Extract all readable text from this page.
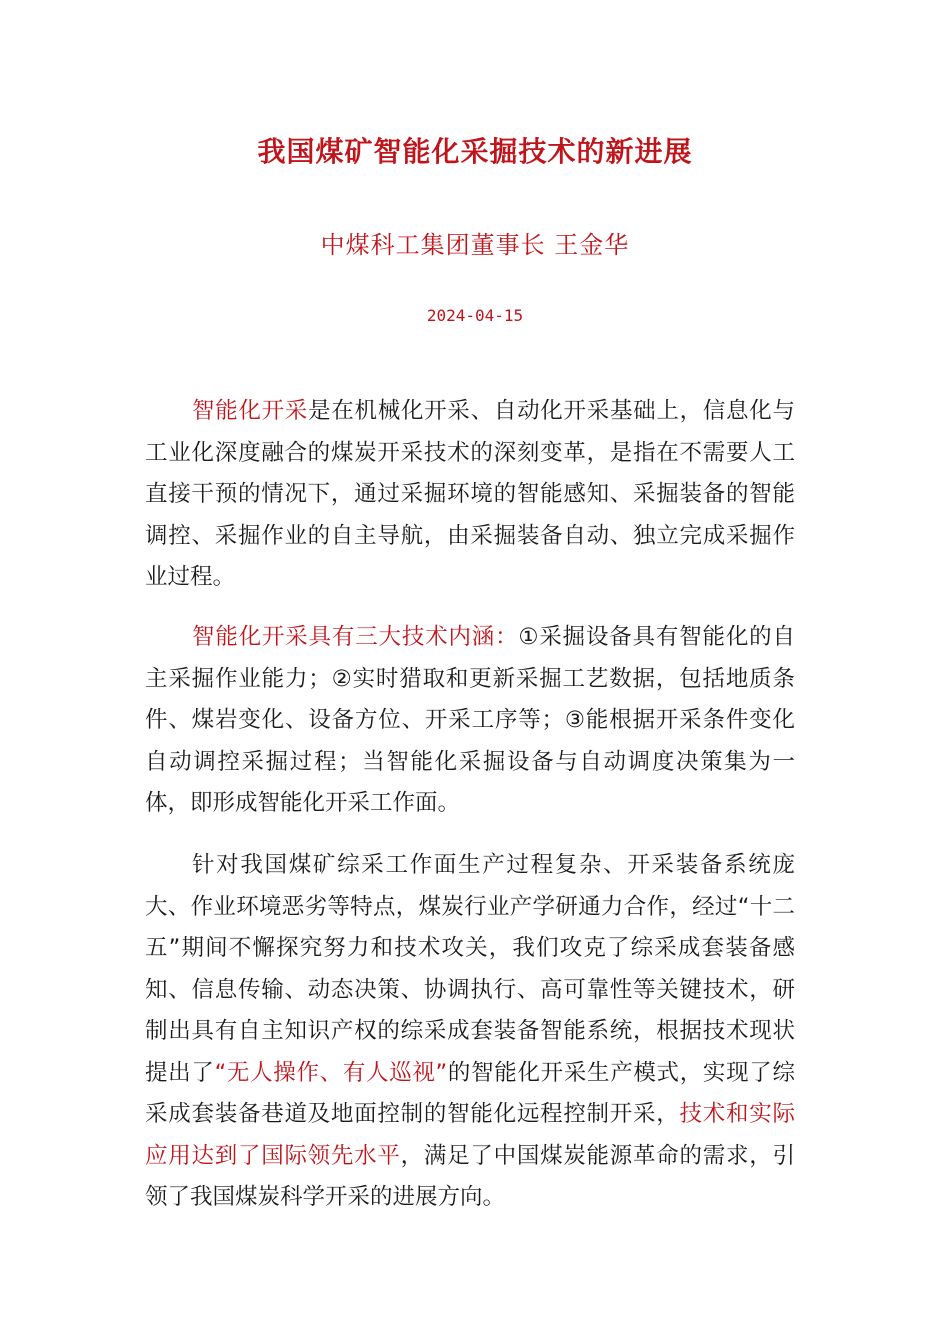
我国煤矿智能化采掘技术的新进展
中煤科工集团董事长 王金华
2024-04-15

智能化开采是在机械化开采、自动化开采基础上，信息化与工业化深度融合的煤炭开采技术的深刻变革，是指在不需要人工直接干预的情况下，通过采掘环境的智能感知、采掘装备的智能调控、采掘作业的自主导航，由采掘装备自动、独立完成采掘作业过程。

智能化开采具有三大技术内涵：①采掘设备具有智能化的自主采掘作业能力；②实时猎取和更新采掘工艺数据，包括地质条件、煤岩变化、设备方位、开采工序等；③能根据开采条件变化自动调控采掘过程；当智能化采掘设备与自动调度决策集为一体，即形成智能化开采工作面。

针对我国煤矿综采工作面生产过程复杂、开采装备系统庞大、作业环境恶劣等特点，煤炭行业产学研通力合作，经过“十二五”期间不懈探究努力和技术攻关，我们攻克了综采成套装备感知、信息传输、动态决策、协调执行、高可靠性等关键技术，研制出具有自主知识产权的综采成套装备智能系统，根据技术现状提出了“无人操作、有人巡视”的智能化开采生产模式，实现了综采成套装备巷道及地面控制的智能化远程控制开采，技术和实际应用达到了国际领先水平，满足了中国煤炭能源革命的需求，引领了我国煤炭科学开采的进展方向。
